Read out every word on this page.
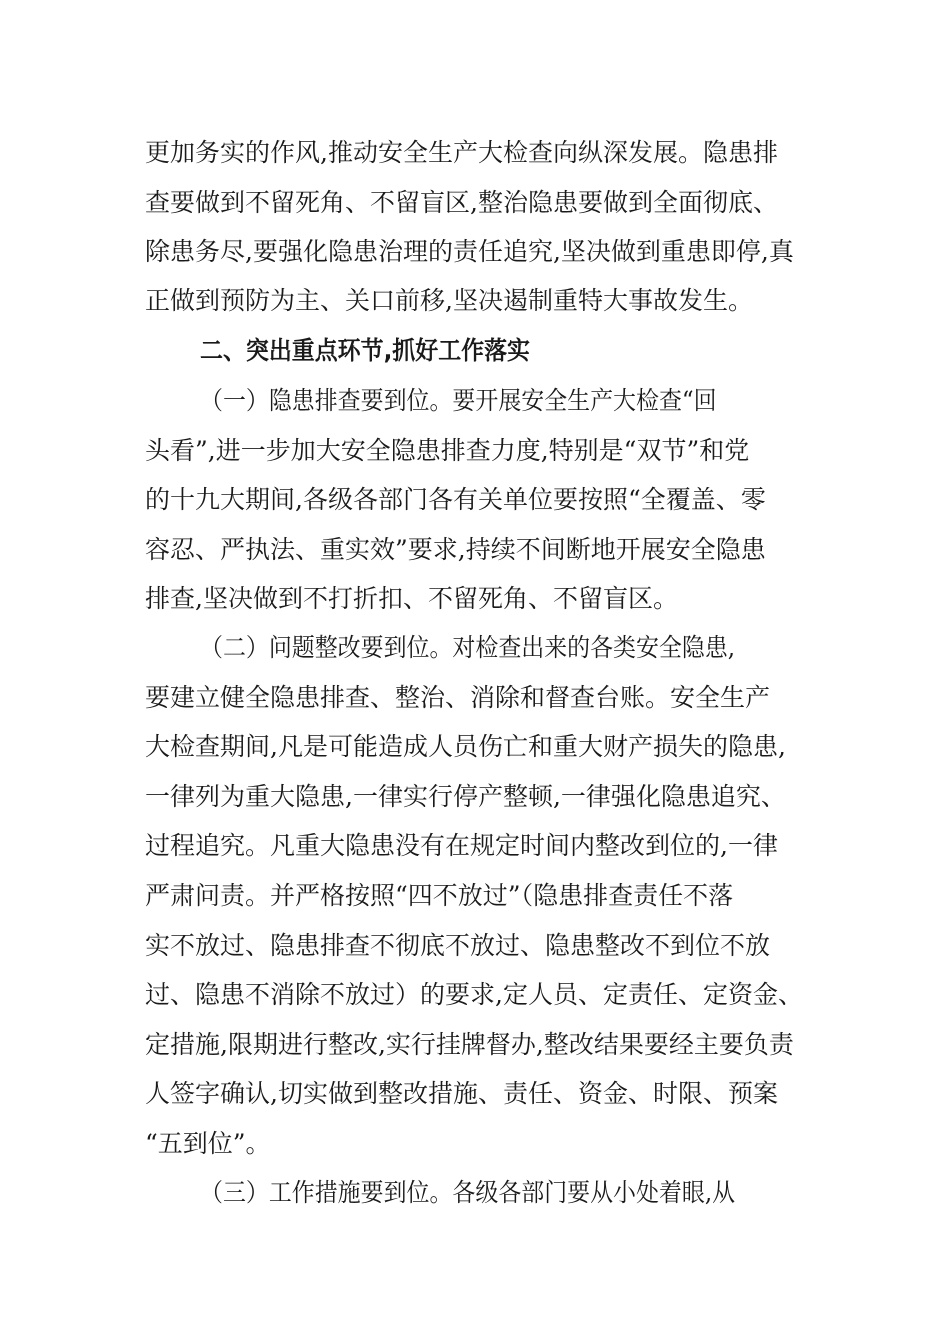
更加务实的作风,推动安全生产大检查向纵深发展。隐患排
查要做到不留死角、不留盲区,整治隐患要做到全面彻底、
除患务尽,要强化隐患治理的责任追究,坚决做到重患即停,真
正做到预防为主、关口前移,坚决遏制重特大事故发生。
二、突出重点环节,抓好工作落实
（一）隐患排查要到位。要开展安全生产大检查“回
头看”,进一步加大安全隐患排查力度,特别是“双节”和党
的十九大期间,各级各部门各有关单位要按照“全覆盖、零
容忍、严执法、重实效”要求,持续不间断地开展安全隐患
排查,坚决做到不打折扣、不留死角、不留盲区。
（二）问题整改要到位。对检查出来的各类安全隐患,
要建立健全隐患排查、整治、消除和督查台账。安全生产
大检查期间,凡是可能造成人员伤亡和重大财产损失的隐患,
一律列为重大隐患,一律实行停产整顿,一律强化隐患追究、
过程追究。凡重大隐患没有在规定时间内整改到位的,一律
严肃问责。并严格按照“四不放过”（隐患排查责任不落
实不放过、隐患排查不彻底不放过、隐患整改不到位不放
过、隐患不消除不放过）的要求,定人员、定责任、定资金、
定措施,限期进行整改,实行挂牌督办,整改结果要经主要负责
人签字确认,切实做到整改措施、责任、资金、时限、预案
“五到位”。
（三）工作措施要到位。各级各部门要从小处着眼,从
